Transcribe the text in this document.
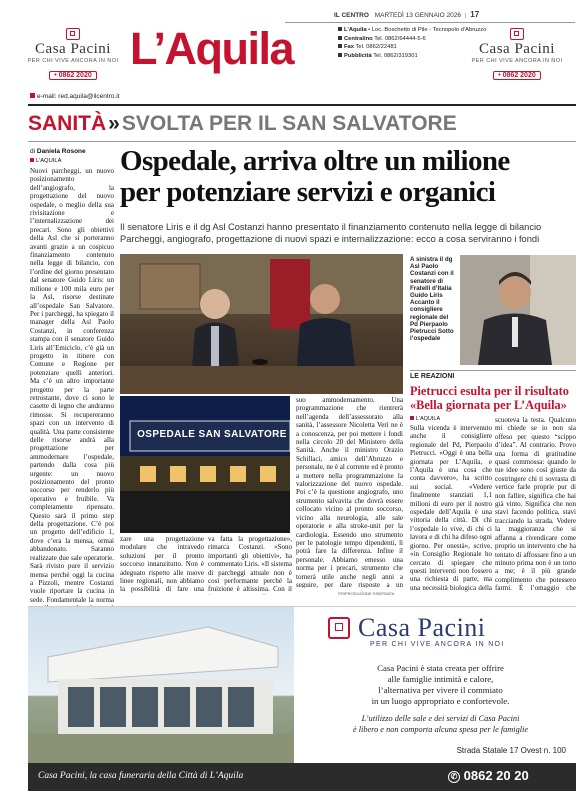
IL CENTRO MARTEDÌ 13 GENNAIO 2026 | 17
Casa Pacini
PER CHI VIVE ANCORA IN NOI
• 0862 2020
L’Aquila	L’Aquila • Loc. Boschetto di Pile - Tecnopolo d’Abruzzo
Centralino Tel. 0862/64444-5-6
Fax Tel. 0862/22481
Pubblicità Tel. 0862/319301	Casa Pacini
PER CHI VIVE ANCORA IN NOI
• 0862 2020
e-mail: red.aquila@ilcentro.it
SANITÀ»SVOLTA PER IL SAN SALVATORE
di Daniela Rosone
L’AQUILA	Ospedale, arriva oltre un milione
per potenziare servizi e organici
Il senatore Liris e il dg Asl Costanzi hanno presentato il finanziamento contenuto nella legge di bilancio Parcheggi, angiografo, progettazione di nuovi spazi e internalizzazione: ecco a cosa serviranno i fondi
Nuovi parcheggi, un nuovo posizionamento dell’angiografo, la progettazione del nuovo ospedale, o meglio della sua rivisitazione e l’internalizzazione dei precari. Sono gli obiettivi della Asl che si porteranno avanti grazie a un cospicuo finanziamento contenuto nella legge di bilancio, con l’ordine del giorno presentato dal senatore Guido Liris: un milione e 100 mila euro per la Asl, risorse destinate all’ospedale San Salvatore. Per i parcheggi, ha spiegato il manager della Asl Paolo Costanzi, in conferenza stampa con il senatore Guido Liris all’Emiciclo, c’è già un progetto in itinere con Comune e Regione per potenziare quelli anteriori. Ma c’è un altro importante progetto per la parte retrostante, dove ci sono le casette di legno che andranno rimosse. Si recupereranno spazi con un intervento di qualità. Una parte consistente delle risorse andrà alla progettazione per ammodernare l’ospedale, partendo dalla cosa più urgente: un nuovo posizionamento del pronto soccorso per renderlo più operativo e fruibile. Va completamente ripensato. Questo sarà il primo step della progettazione. C’è poi un progetto dell’edificio 1, dove c’era la mensa, ormai abbandonato. Saranno realizzate due sale operatorie. Sarà rivisto pure il servizio mensa perché oggi la cucina a Pizzoli, mentre Costanzi vuole riportare la cucina in sede. Fondamentale la norma
A sinistra il dg Asl Paolo Costanzi con il senatore di Fratelli d’Italia Guido Liris Accanto il consigliere regionale del Pd Pierpaolo Pietrucci Sotto l’ospedale
OSPEDALE SAN SALVATORE
zare una progettazione modulare che intravedo soluzioni per il pronto soccorso innanzitutto. Non è adeguato rispetto alle nuove linee regionali, non abbiamo la possibilità di fare una
va fatta la progettazione», rimarca Costanzi. «Sono importanti gli obiettivi», ha commentato Liris. «Il sistema di parcheggi attuale non è così performante perché la fruizione è altissima. Con il
suo ammodernamento. Una programmazione che rientrerà nell’agenda dell’assessorato alla sanità, l’assessore Nicoletta Verì ne è a conoscenza, per poi mettere i fondi nella circolo 20 del Ministero della Sanità. Anche il ministro Orazio Schillaci, amico dell’Abruzzo e personale, ne è al corrente ed è pronto a mettere nella programmazione la valorizzazione del nuovo ospedale. Poi c’è la questione angiografo, uno strumento salvavita che dovrà essere collocato vicino al pronto soccorso, vicino alla neurologia, alle sale operatorie e alla stroke-unit per la cardiologia. Essendo uno strumento per le patologie tempo dipendenti, lì potrà fare la differenza. Infine il personale. Abbiamo emesso una norma per i precari, strumento che tornerà utile anche negli anni a seguire, per dare risposte a un
©RIPRODUZIONE RISERVATA
LE REAZIONI
Pietrucci esulta per il risultato «Bella giornata per L’Aquila»
L’AQUILA
Sulla vicenda è intervenuto anche il consigliere regionale del Pd, Pierpaolo Pietrucci. «Oggi è una bella giornata per L’Aquila, e l’Aquila è una cosa che conta davvero», ha scritto sui social. «Vedere finalmente stanziati 1,1 milioni di euro per il nostro ospedale dell’Aquila è una vittoria della città. Di chi l’ospedale lo vive, di chi ci lavora e di chi ha difeso ogni giorno. Per onestà», scrive, «in Consiglio Regionale ho cercato di spiegare che questi interventi non fossero una richiesta di parte, ma una necessità biologica della
scuoteva la testa. Qualcuno mi chiede se io non sia offeso per questo “scippo d’idea”. Al contrario. Provo una forma di gratitudine quasi commossa: quando le tue idee sono così giuste da costringere chi ti sovrasta di vertice farle proprie pur di non fallire, significa che hai già vinto. Significa che non stavi facendo politica, stavi tracciando la strada. Vedere la maggioranza che si affanna a rivendicare come proprio un intervento che ha tentato di affossare fino a un minuto prima non è un torto a me; è il più grande complimento che potessero farmi. È l’omaggio che
Casa Pacini
PER CHI VIVE ANCORA IN NOI
Casa Pacini è stata creata per offrire
alle famiglie intimità e calore,
l’alternativa per vivere il commiato
in un luogo appropriato e confortevole.
L’utilizzo delle sale e dei servizi di Casa Pacini
è libero e non comporta alcuna spesa per le famiglie
Strada Statale 17 Ovest n. 100
Casa Pacini, la casa funeraria della Città di L’Aquila	✆ 0862 20 20
